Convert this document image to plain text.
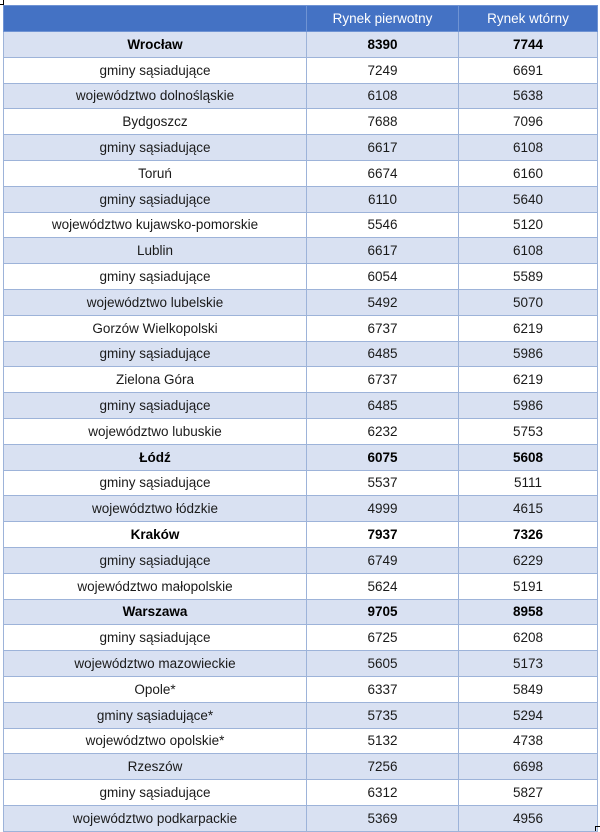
	Rynek pierwotny	Rynek wtórny
Wrocław	8390	7744
gminy sąsiadujące	7249	6691
województwo dolnośląskie	6108	5638
Bydgoszcz	7688	7096
gminy sąsiadujące	6617	6108
Toruń	6674	6160
gminy sąsiadujące	6110	5640
województwo kujawsko-pomorskie	5546	5120
Lublin	6617	6108
gminy sąsiadujące	6054	5589
województwo lubelskie	5492	5070
Gorzów Wielkopolski	6737	6219
gminy sąsiadujące	6485	5986
Zielona Góra	6737	6219
gminy sąsiadujące	6485	5986
województwo lubuskie	6232	5753
Łódź	6075	5608
gminy sąsiadujące	5537	5111
województwo łódzkie	4999	4615
Kraków	7937	7326
gminy sąsiadujące	6749	6229
województwo małopolskie	5624	5191
Warszawa	9705	8958
gminy sąsiadujące	6725	6208
województwo mazowieckie	5605	5173
Opole*	6337	5849
gminy sąsiadujące*	5735	5294
województwo opolskie*	5132	4738
Rzeszów	7256	6698
gminy sąsiadujące	6312	5827
województwo podkarpackie	5369	4956
